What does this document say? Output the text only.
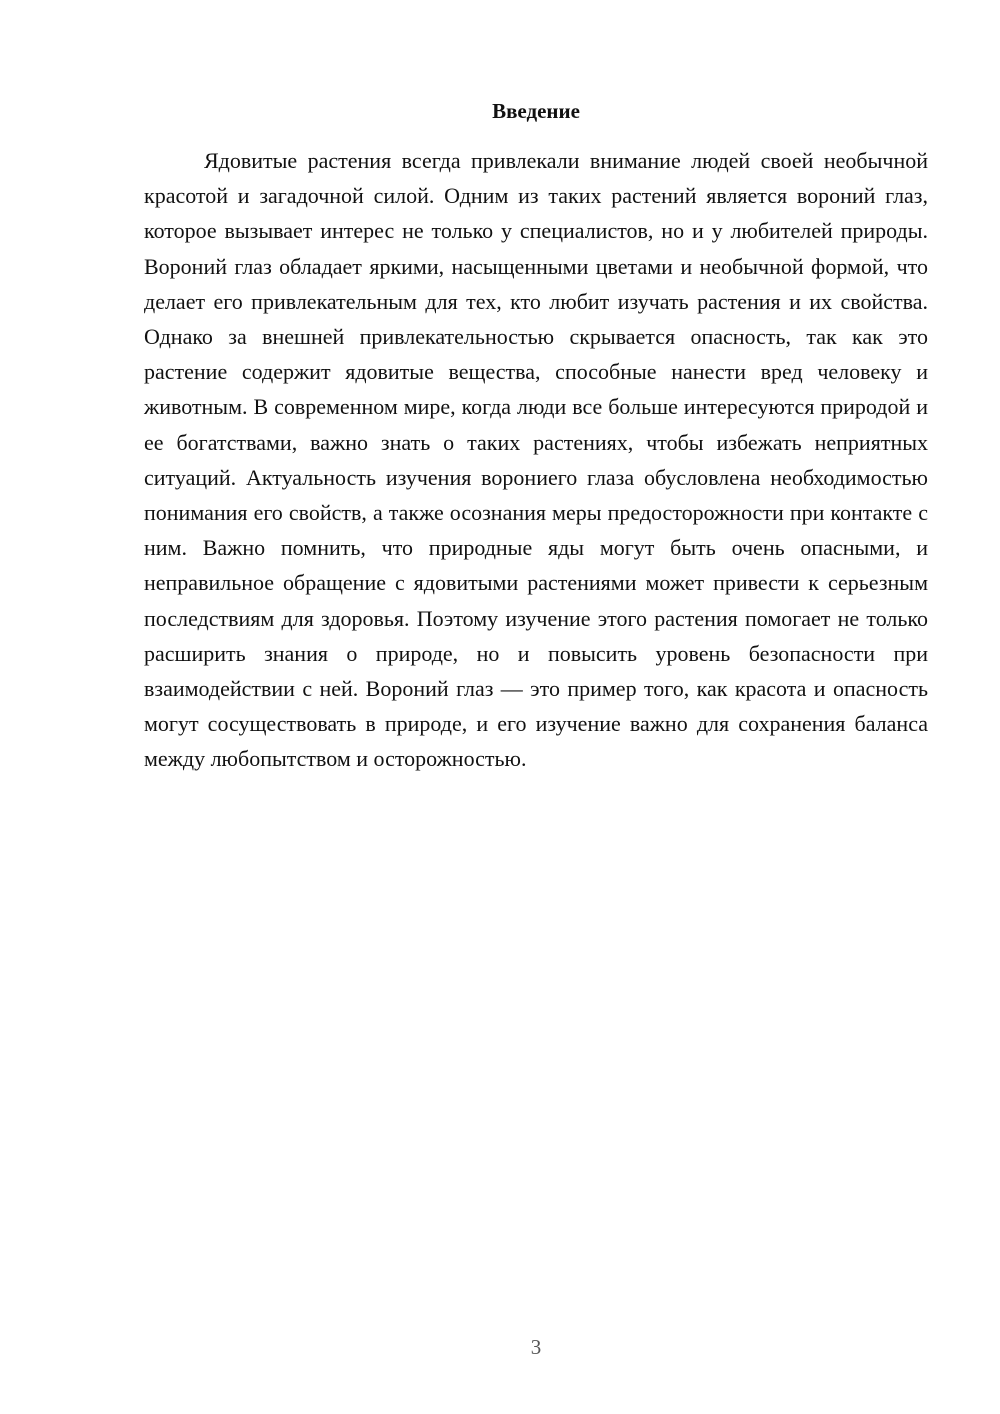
Введение

Ядовитые растения всегда привлекали внимание людей своей необычной красотой и загадочной силой. Одним из таких растений является вороний глаз, которое вызывает интерес не только у специалистов, но и у любителей природы. Вороний глаз обладает яркими, насыщенными цветами и необычной формой, что делает его привлекательным для тех, кто любит изучать растения и их свойства. Однако за внешней привлекательностью скрывается опасность, так как это растение содержит ядовитые вещества, способные нанести вред человеку и животным. В современном мире, когда люди все больше интересуются природой и ее богатствами, важно знать о таких растениях, чтобы избежать неприятных ситуаций. Актуальность изучения ворониего глаза обусловлена необходимостью понимания его свойств, а также осознания меры предосторожности при контакте с ним. Важно помнить, что природные яды могут быть очень опасными, и неправильное обращение с ядовитыми растениями может привести к серьезным последствиям для здоровья. Поэтому изучение этого растения помогает не только расширить знания о природе, но и повысить уровень безопасности при взаимодействии с ней. Вороний глаз — это пример того, как красота и опасность могут сосуществовать в природе, и его изучение важно для сохранения баланса между любопытством и осторожностью.

3
